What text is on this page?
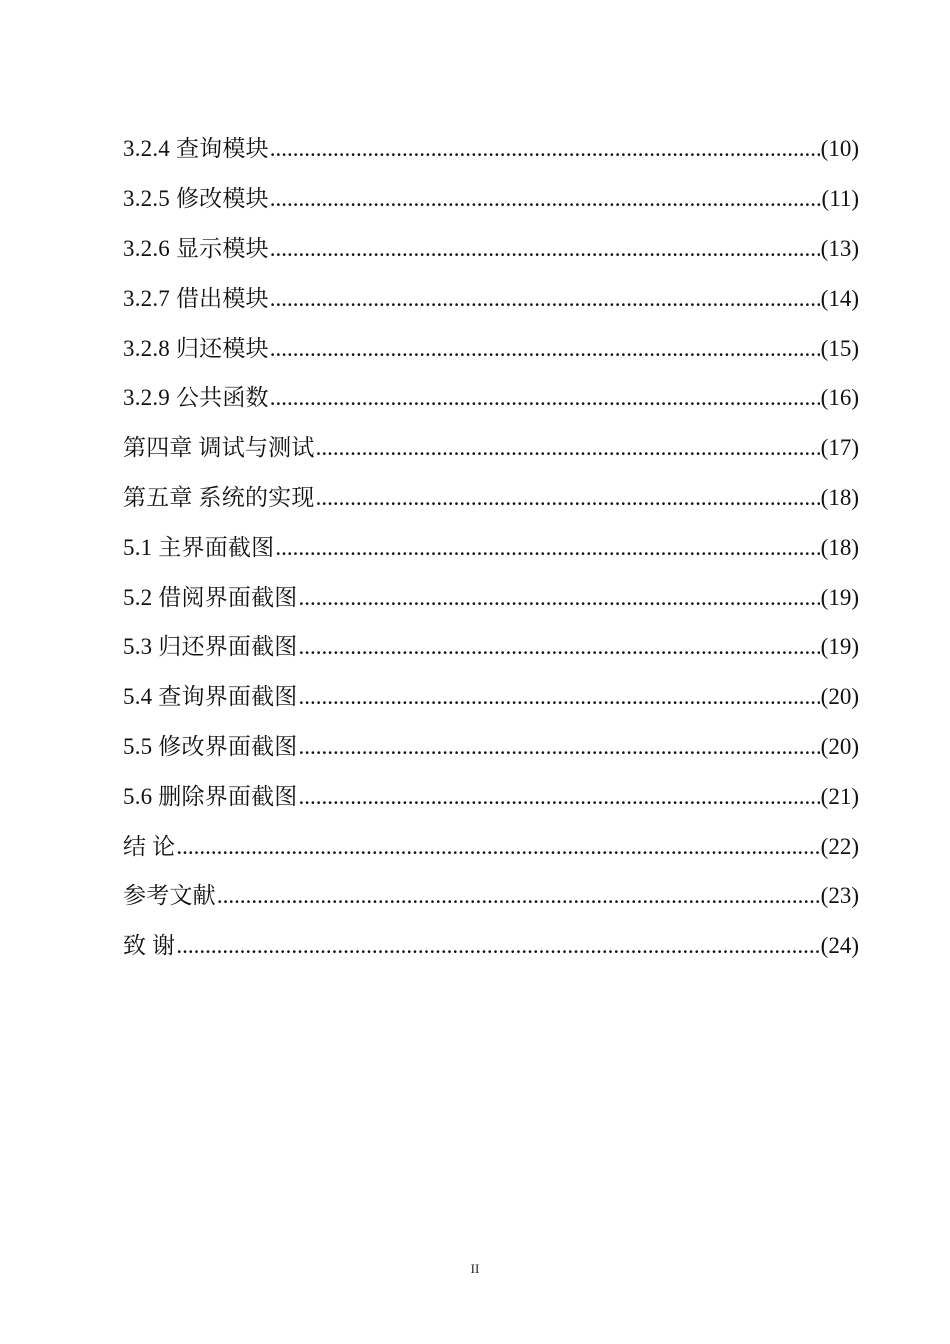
3.2.4 查询模块 .....	(10)
3.2.5 修改模块 .....	(11)
3.2.6 显示模块 .....	(13)
3.2.7 借出模块 .....	(14)
3.2.8 归还模块 .....	(15)
3.2.9 公共函数 .....	(16)
第四章 调试与测试 .....	(17)
第五章 系统的实现 .....	(18)
5.1 主界面截图 .....	(18)
5.2 借阅界面截图 .....	(19)
5.3 归还界面截图 .....	(19)
5.4 查询界面截图 .....	(20)
5.5 修改界面截图 .....	(20)
5.6 删除界面截图 .....	(21)
结 论 .....	(22)
参考文献 .....	(23)
致 谢 .....	(24)
II
